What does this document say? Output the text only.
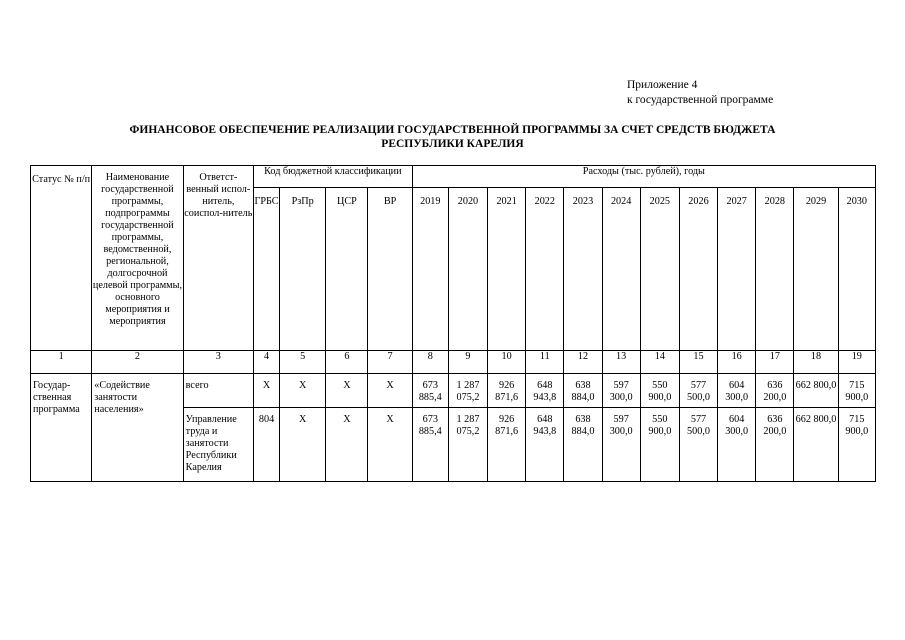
Приложение 4
к государственной программе
ФИНАНСОВОЕ ОБЕСПЕЧЕНИЕ РЕАЛИЗАЦИИ ГОСУДАРСТВЕННОЙ ПРОГРАММЫ ЗА СЧЕТ СРЕДСТВ БЮДЖЕТА
РЕСПУБЛИКИ КАРЕЛИЯ
Статус № п/п	Наименование государственной программы, подпрограммы государственной программы, ведомственной, региональной, долгосрочной целевой программы, основного мероприятия и мероприятия	Ответст-венный испол-нитель, соиспол-нитель	Код бюджетной классификации				Расходы (тыс. рублей), годы											
			ГРБС	РзПр	ЦСР	ВР	2019	2020	2021	2022	2023	2024	2025	2026	2027	2028	2029	2030
1	2	3	4	5	6	7	8	9	10	11	12	13	14	15	16	17	18	19
Государ-ственная программа	«Содействие занятости населения»	всего	Х	Х	Х	Х	673 885,4	1 287 075,2	926 871,6	648 943,8	638 884,0	597 300,0	550 900,0	577 500,0	604 300,0	636 200,0	662 800,0	715 900,0
		Управление труда и занятости Республики Карелия	804	Х	Х	Х	673 885,4	1 287 075,2	926 871,6	648 943,8	638 884,0	597 300,0	550 900,0	577 500,0	604 300,0	636 200,0	662 800,0	715 900,0
